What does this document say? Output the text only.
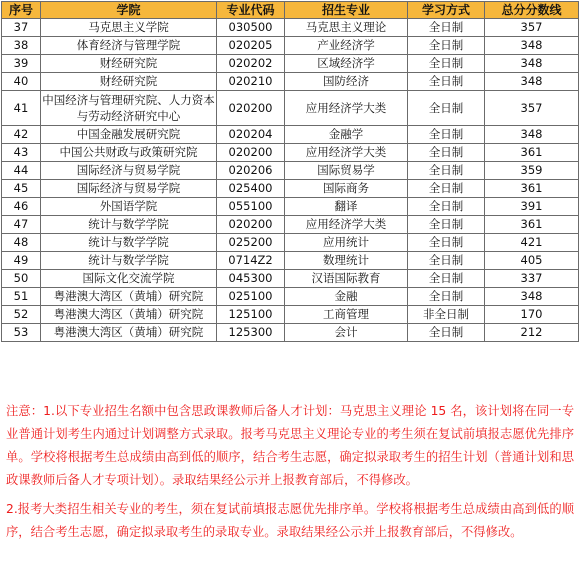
序号	学院	专业代码	招生专业	学习方式	总分分数线
37	马克思主义学院	030500	马克思主义理论	全日制	357
38	体育经济与管理学院	020205	产业经济学	全日制	348
39	财经研究院	020202	区域经济学	全日制	348
40	财经研究院	020210	国防经济	全日制	348
41	中国经济与管理研究院、人力资本与劳动经济研究中心	020200	应用经济学大类	全日制	357
42	中国金融发展研究院	020204	金融学	全日制	348
43	中国公共财政与政策研究院	020200	应用经济学大类	全日制	361
44	国际经济与贸易学院	020206	国际贸易学	全日制	359
45	国际经济与贸易学院	025400	国际商务	全日制	361
46	外国语学院	055100	翻译	全日制	391
47	统计与数学学院	020200	应用经济学大类	全日制	361
48	统计与数学学院	025200	应用统计	全日制	421
49	统计与数学学院	0714Z2	数理统计	全日制	405
50	国际文化交流学院	045300	汉语国际教育	全日制	337
51	粤港澳大湾区（黄埔）研究院	025100	金融	全日制	348
52	粤港澳大湾区（黄埔）研究院	125100	工商管理	非全日制	170
53	粤港澳大湾区（黄埔）研究院	125300	会计	全日制	212

注意：1.以下专业招生名额中包含思政课教师后备人才计划：马克思主义理论 15 名，该计划将在同一专业普通计划考生内通过计划调整方式录取。报考马克思主义理论专业的考生须在复试前填报志愿优先排序单。学校将根据考生总成绩由高到低的顺序，结合考生志愿，确定拟录取考生的招生计划（普通计划和思政课教师后备人才专项计划）。录取结果经公示并上报教育部后，不得修改。

2.报考大类招生相关专业的考生，须在复试前填报志愿优先排序单。学校将根据考生总成绩由高到低的顺序，结合考生志愿，确定拟录取考生的录取专业。录取结果经公示并上报教育部后，不得修改。
